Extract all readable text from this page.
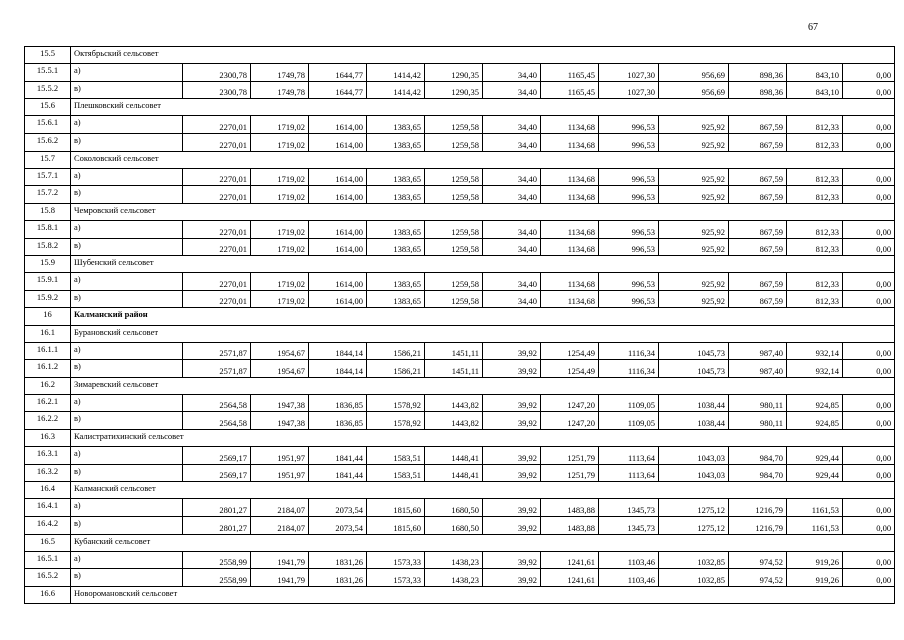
67
15.5	Октябрьский сельсовет												
15.5.1	а)	2300,78	1749,78	1644,77	1414,42	1290,35	34,40	1165,45	1027,30	956,69	898,36	843,10	0,00
15.5.2	в)	2300,78	1749,78	1644,77	1414,42	1290,35	34,40	1165,45	1027,30	956,69	898,36	843,10	0,00
15.6	Плешковский сельсовет												
15.6.1	а)	2270,01	1719,02	1614,00	1383,65	1259,58	34,40	1134,68	996,53	925,92	867,59	812,33	0,00
15.6.2	в)	2270,01	1719,02	1614,00	1383,65	1259,58	34,40	1134,68	996,53	925,92	867,59	812,33	0,00
15.7	Соколовский сельсовет												
15.7.1	а)	2270,01	1719,02	1614,00	1383,65	1259,58	34,40	1134,68	996,53	925,92	867,59	812,33	0,00
15.7.2	в)	2270,01	1719,02	1614,00	1383,65	1259,58	34,40	1134,68	996,53	925,92	867,59	812,33	0,00
15.8	Чемровский сельсовет												
15.8.1	а)	2270,01	1719,02	1614,00	1383,65	1259,58	34,40	1134,68	996,53	925,92	867,59	812,33	0,00
15.8.2	в)	2270,01	1719,02	1614,00	1383,65	1259,58	34,40	1134,68	996,53	925,92	867,59	812,33	0,00
15.9	Шубенский сельсовет												
15.9.1	а)	2270,01	1719,02	1614,00	1383,65	1259,58	34,40	1134,68	996,53	925,92	867,59	812,33	0,00
15.9.2	в)	2270,01	1719,02	1614,00	1383,65	1259,58	34,40	1134,68	996,53	925,92	867,59	812,33	0,00
16	Калманский район												
16.1	Бурановский сельсовет												
16.1.1	а)	2571,87	1954,67	1844,14	1586,21	1451,11	39,92	1254,49	1116,34	1045,73	987,40	932,14	0,00
16.1.2	в)	2571,87	1954,67	1844,14	1586,21	1451,11	39,92	1254,49	1116,34	1045,73	987,40	932,14	0,00
16.2	Зимаревский сельсовет												
16.2.1	а)	2564,58	1947,38	1836,85	1578,92	1443,82	39,92	1247,20	1109,05	1038,44	980,11	924,85	0,00
16.2.2	в)	2564,58	1947,38	1836,85	1578,92	1443,82	39,92	1247,20	1109,05	1038,44	980,11	924,85	0,00
16.3	Калистратихинский сельсовет												
16.3.1	а)	2569,17	1951,97	1841,44	1583,51	1448,41	39,92	1251,79	1113,64	1043,03	984,70	929,44	0,00
16.3.2	в)	2569,17	1951,97	1841,44	1583,51	1448,41	39,92	1251,79	1113,64	1043,03	984,70	929,44	0,00
16.4	Калманский сельсовет												
16.4.1	а)	2801,27	2184,07	2073,54	1815,60	1680,50	39,92	1483,88	1345,73	1275,12	1216,79	1161,53	0,00
16.4.2	в)	2801,27	2184,07	2073,54	1815,60	1680,50	39,92	1483,88	1345,73	1275,12	1216,79	1161,53	0,00
16.5	Кубанский сельсовет												
16.5.1	а)	2558,99	1941,79	1831,26	1573,33	1438,23	39,92	1241,61	1103,46	1032,85	974,52	919,26	0,00
16.5.2	в)	2558,99	1941,79	1831,26	1573,33	1438,23	39,92	1241,61	1103,46	1032,85	974,52	919,26	0,00
16.6	Новоромановский сельсовет												
